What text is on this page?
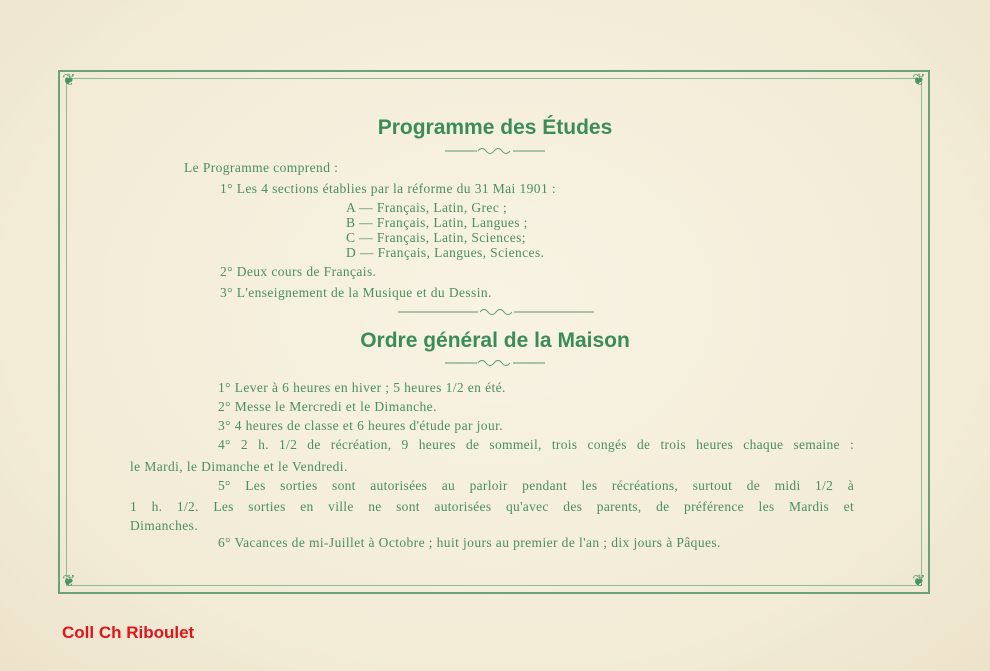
❦	❦
❦	❦
Programme des Études
Le Programme comprend :
1° Les 4 sections établies par la réforme du 31 Mai 1901 :
A — Français, Latin, Grec ;
B — Français, Latin, Langues ;
C — Français, Latin, Sciences;
D — Français, Langues, Sciences.
2° Deux cours de Français.
3° L'enseignement de la Musique et du Dessin.
Ordre général de la Maison
1° Lever à 6 heures en hiver ; 5 heures 1/2 en été.
2° Messe le Mercredi et le Dimanche.
3° 4 heures de classe et 6 heures d'étude par jour.
4° 2 h. 1/2 de récréation, 9 heures de sommeil, trois congés de trois heures chaque semaine :
le Mardi, le Dimanche et le Vendredi.
5° Les sorties sont autorisées au parloir pendant les récréations, surtout de midi 1/2 à
1 h. 1/2. Les sorties en ville ne sont autorisées qu'avec des parents, de préférence les Mardis et
Dimanches.
6° Vacances de mi-Juillet à Octobre ; huit jours au premier de l'an ; dix jours à Pâques.
Coll Ch Riboulet
